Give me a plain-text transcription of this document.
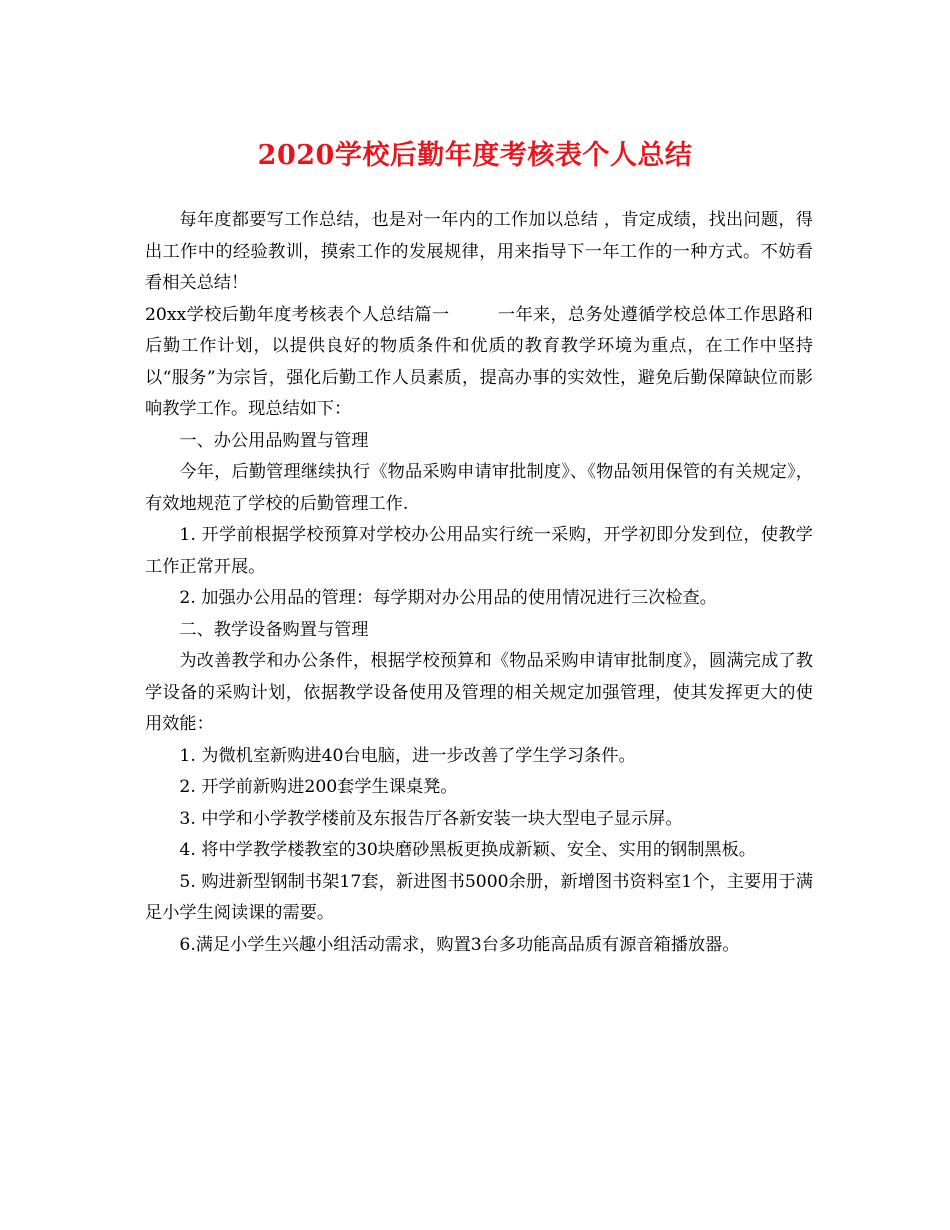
2020学校后勤年度考核表个人总结

每年度都要写工作总结，也是对一年内的工作加以总结 ，肯定成绩，找出问题，得出工作中的经验教训，摸索工作的发展规律，用来指导下一年工作的一种方式。不妨看看相关总结！

20xx学校后勤年度考核表个人总结篇一	一年来，总务处遵循学校总体工作思路和后勤工作计划，以提供良好的物质条件和优质的教育教学环境为重点，在工作中坚持以“服务”为宗旨，强化后勤工作人员素质，提高办事的实效性，避免后勤保障缺位而影响教学工作。现总结如下：

一、办公用品购置与管理

今年，后勤管理继续执行《物品采购申请审批制度》、《物品领用保管的有关规定》，有效地规范了学校的后勤管理工作.

1. 开学前根据学校预算对学校办公用品实行统一采购，开学初即分发到位，使教学工作正常开展。

2. 加强办公用品的管理：每学期对办公用品的使用情况进行三次检查。

二、教学设备购置与管理

为改善教学和办公条件，根据学校预算和《物品采购申请审批制度》，圆满完成了教学设备的采购计划，依据教学设备使用及管理的相关规定加强管理，使其发挥更大的使用效能：

1. 为微机室新购进40台电脑，进一步改善了学生学习条件。

2. 开学前新购进200套学生课桌凳。

3. 中学和小学教学楼前及东报告厅各新安装一块大型电子显示屏。

4. 将中学教学楼教室的30块磨砂黑板更换成新颖、安全、实用的钢制黑板。

5. 购进新型钢制书架17套，新进图书5000余册，新增图书资料室1个，主要用于满足小学生阅读课的需要。

6.满足小学生兴趣小组活动需求，购置3台多功能高品质有源音箱播放器。
